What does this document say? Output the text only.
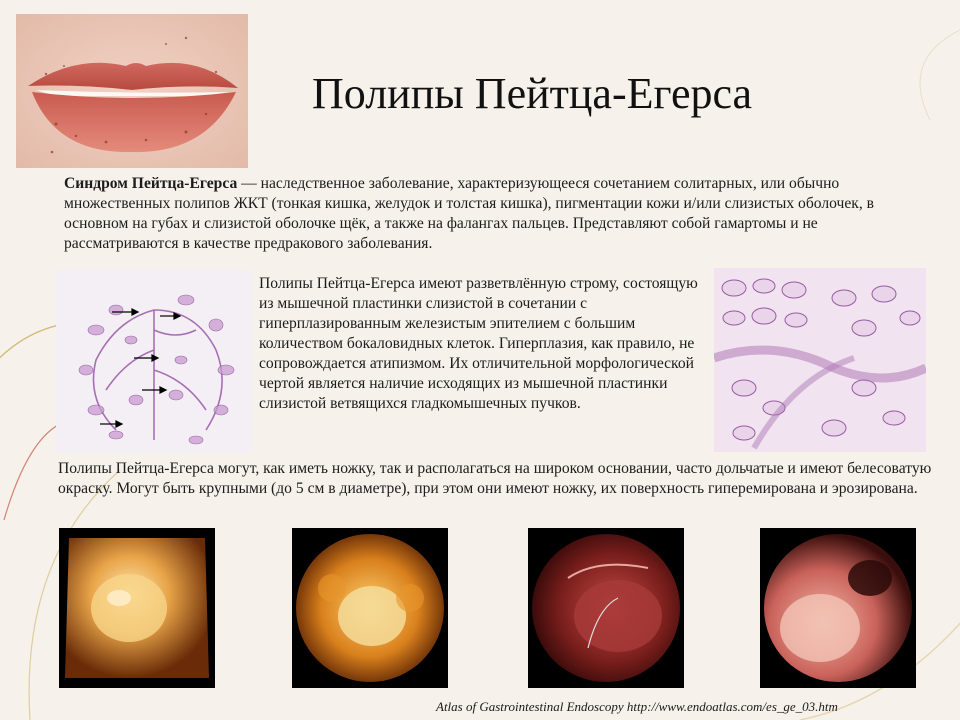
Полипы Пейтца-Егерса
Синдром Пейтца-Егерса — наследственное заболевание, характеризующееся сочетанием солитарных, или обычно множественных полипов ЖКТ (тонкая кишка, желудок и толстая кишка), пигментации кожи и/или слизистых оболочек, в основном на губах и слизистой оболочке щёк, а также на фалангах пальцев. Представляют собой гамартомы и не рассматриваются в качестве предракового заболевания.
Полипы Пейтца-Егерса имеют разветвлённую строму, состоящую из мышечной пластинки слизистой в сочетании с гиперплазированным железистым эпителием с большим количеством бокаловидных клеток. Гиперплазия, как правило, не сопровождается атипизмом. Их отличительной морфологической чертой является наличие исходящих из мышечной пластинки слизистой ветвящихся гладкомышечных пучков.
Полипы Пейтца-Егерса могут, как иметь ножку, так и располагаться на широком основании, часто дольчатые и имеют белесоватую окраску. Могут быть крупными (до 5 см в диаметре), при этом они имеют ножку, их поверхность гиперемирована и эрозирована.
Atlas of Gastrointestinal Endoscopy http://www.endoatlas.com/es_ge_03.htm
